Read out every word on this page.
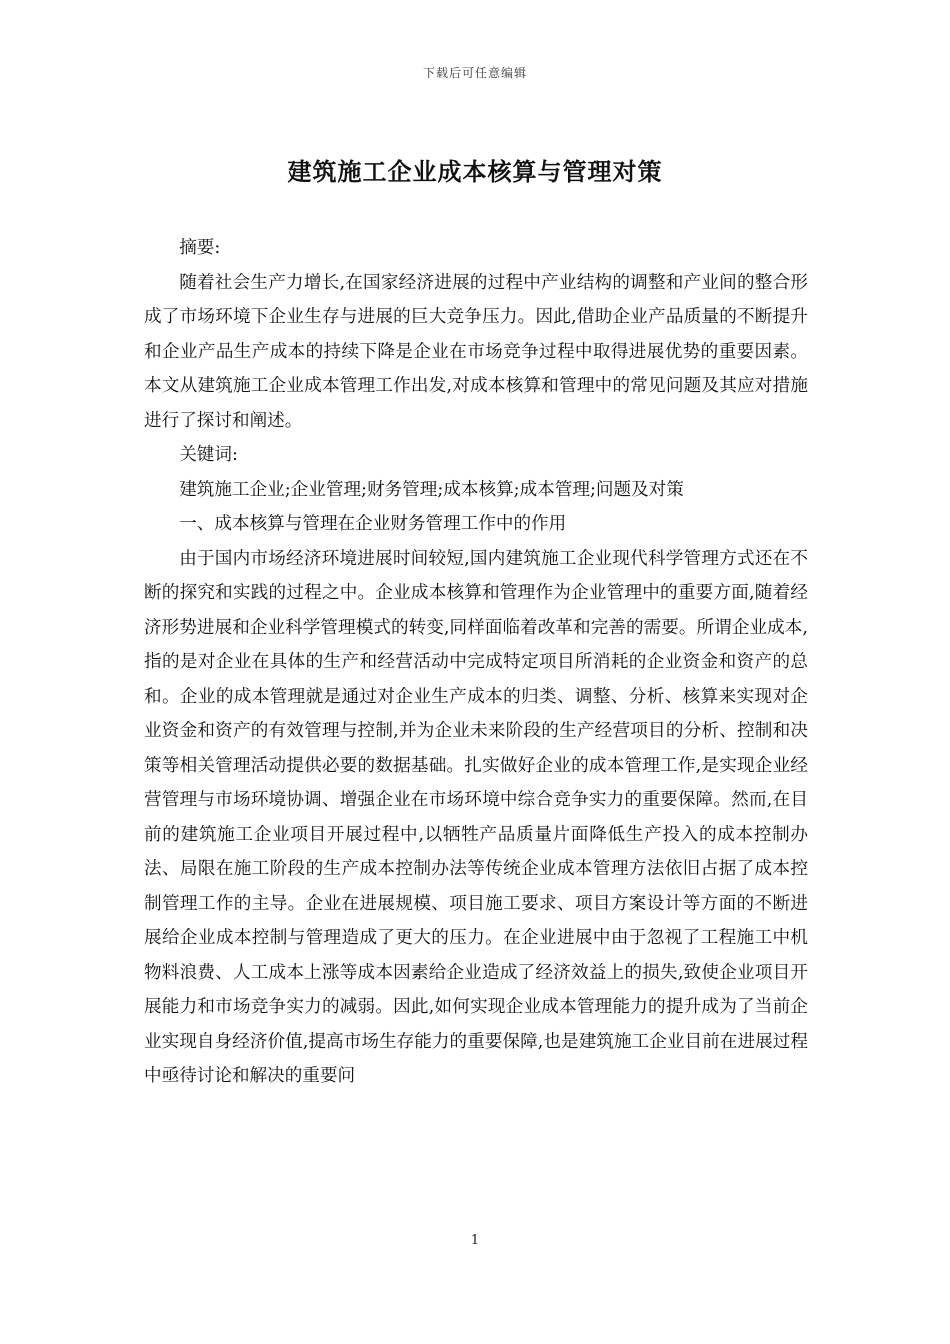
下载后可任意编辑
建筑施工企业成本核算与管理对策

摘要:

随着社会生产力增长,在国家经济进展的过程中产业结构的调整和产业间的整合形成了市场环境下企业生存与进展的巨大竞争压力。因此,借助企业产品质量的不断提升和企业产品生产成本的持续下降是企业在市场竞争过程中取得进展优势的重要因素。本文从建筑施工企业成本管理工作出发,对成本核算和管理中的常见问题及其应对措施进行了探讨和阐述。

关键词:

建筑施工企业;企业管理;财务管理;成本核算;成本管理;问题及对策

一、成本核算与管理在企业财务管理工作中的作用

由于国内市场经济环境进展时间较短,国内建筑施工企业现代科学管理方式还在不断的探究和实践的过程之中。企业成本核算和管理作为企业管理中的重要方面,随着经济形势进展和企业科学管理模式的转变,同样面临着改革和完善的需要。所谓企业成本,指的是对企业在具体的生产和经营活动中完成特定项目所消耗的企业资金和资产的总和。企业的成本管理就是通过对企业生产成本的归类、调整、分析、核算来实现对企业资金和资产的有效管理与控制,并为企业未来阶段的生产经营项目的分析、控制和决策等相关管理活动提供必要的数据基础。扎实做好企业的成本管理工作,是实现企业经营管理与市场环境协调、增强企业在市场环境中综合竞争实力的重要保障。然而,在目前的建筑施工企业项目开展过程中,以牺牲产品质量片面降低生产投入的成本控制办法、局限在施工阶段的生产成本控制办法等传统企业成本管理方法依旧占据了成本控制管理工作的主导。企业在进展规模、项目施工要求、项目方案设计等方面的不断进展给企业成本控制与管理造成了更大的压力。在企业进展中由于忽视了工程施工中机物料浪费、人工成本上涨等成本因素给企业造成了经济效益上的损失,致使企业项目开展能力和市场竞争实力的减弱。因此,如何实现企业成本管理能力的提升成为了当前企业实现自身经济价值,提高市场生存能力的重要保障,也是建筑施工企业目前在进展过程中亟待讨论和解决的重要问

1
